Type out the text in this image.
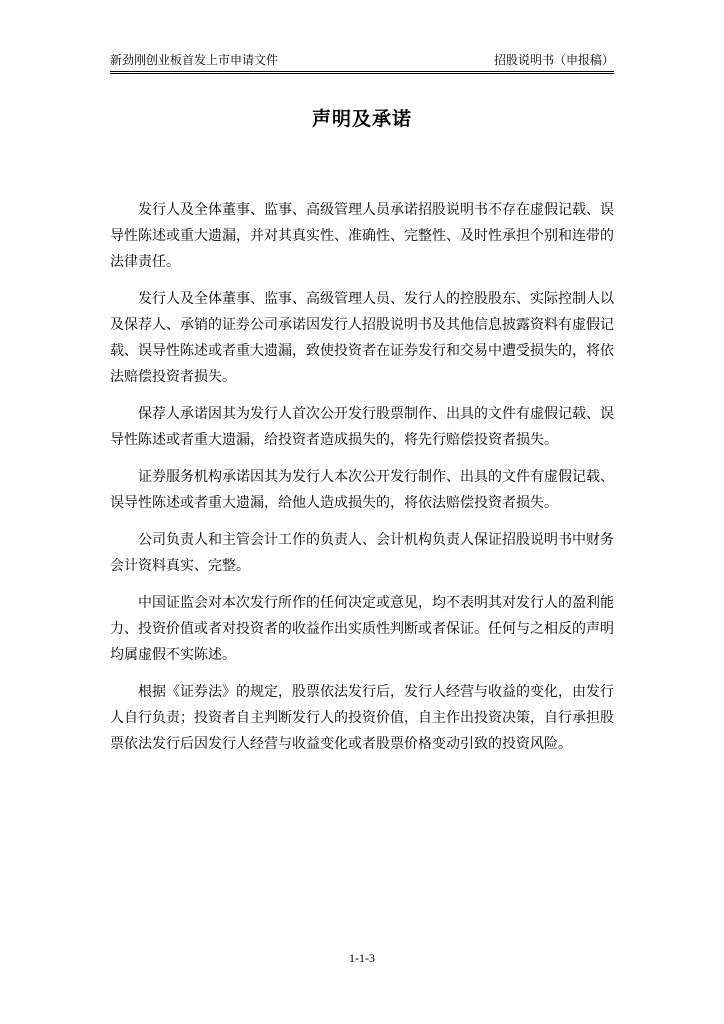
新劲刚创业板首发上市申请文件	招股说明书（申报稿）
声明及承诺

发行人及全体董事、监事、高级管理人员承诺招股说明书不存在虚假记载、误导性陈述或重大遗漏，并对其真实性、准确性、完整性、及时性承担个别和连带的法律责任。

发行人及全体董事、监事、高级管理人员、发行人的控股股东、实际控制人以及保荐人、承销的证券公司承诺因发行人招股说明书及其他信息披露资料有虚假记载、误导性陈述或者重大遗漏，致使投资者在证券发行和交易中遭受损失的，将依法赔偿投资者损失。

保荐人承诺因其为发行人首次公开发行股票制作、出具的文件有虚假记载、误导性陈述或者重大遗漏，给投资者造成损失的，将先行赔偿投资者损失。

证券服务机构承诺因其为发行人本次公开发行制作、出具的文件有虚假记载、误导性陈述或者重大遗漏，给他人造成损失的，将依法赔偿投资者损失。

公司负责人和主管会计工作的负责人、会计机构负责人保证招股说明书中财务会计资料真实、完整。

中国证监会对本次发行所作的任何决定或意见，均不表明其对发行人的盈利能力、投资价值或者对投资者的收益作出实质性判断或者保证。任何与之相反的声明均属虚假不实陈述。

根据《证券法》的规定，股票依法发行后，发行人经营与收益的变化，由发行人自行负责；投资者自主判断发行人的投资价值，自主作出投资决策，自行承担股票依法发行后因发行人经营与收益变化或者股票价格变动引致的投资风险。

1-1-3
